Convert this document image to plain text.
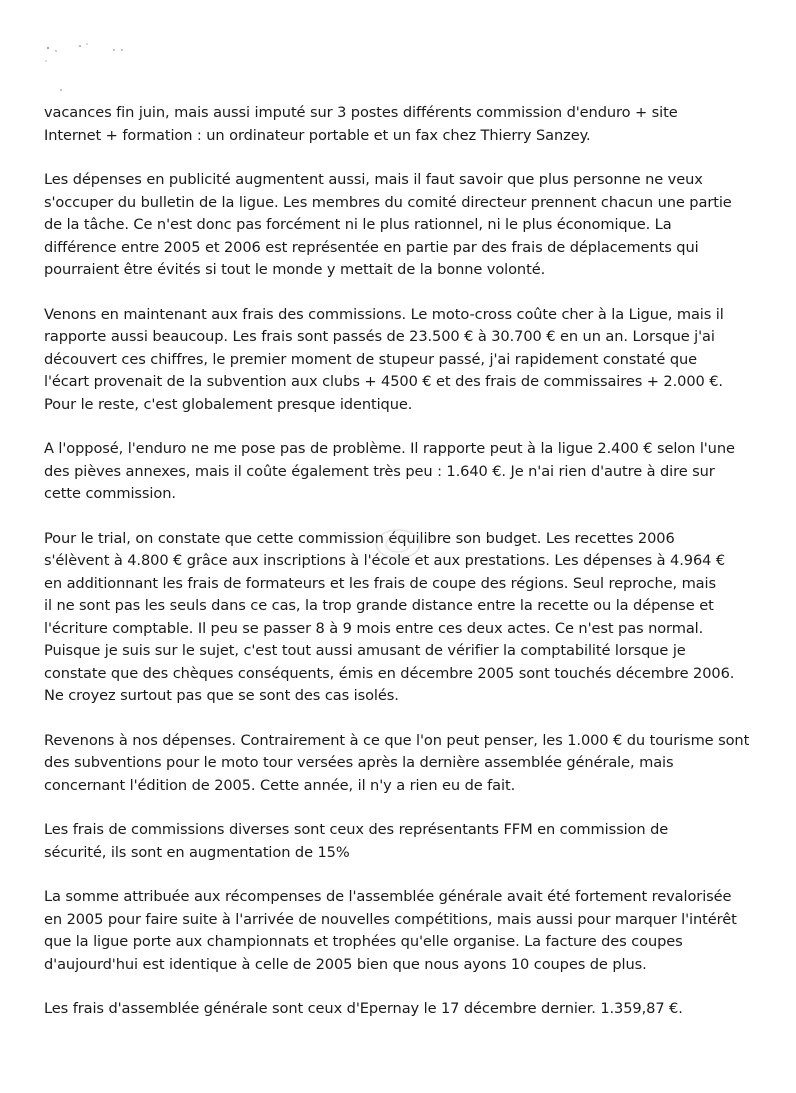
vacances fin juin, mais aussi imputé sur 3 postes différents commission d'enduro + site
Internet + formation : un ordinateur portable et un fax chez Thierry Sanzey.
Les dépenses en publicité augmentent aussi, mais il faut savoir que plus personne ne veux
s'occuper du bulletin de la ligue. Les membres du comité directeur prennent chacun une partie
de la tâche. Ce n'est donc pas forcément ni le plus rationnel, ni le plus économique. La
différence entre 2005 et 2006 est représentée en partie par des frais de déplacements qui
pourraient être évités si tout le monde y mettait de la bonne volonté.
Venons en maintenant aux frais des commissions. Le moto-cross coûte cher à la Ligue, mais il
rapporte aussi beaucoup. Les frais sont passés de 23.500 € à 30.700 € en un an. Lorsque j'ai
découvert ces chiffres, le premier moment de stupeur passé, j'ai rapidement constaté que
l'écart provenait de la subvention aux clubs + 4500 € et des frais de commissaires + 2.000 €.
Pour le reste, c'est globalement presque identique.
A l'opposé, l'enduro ne me pose pas de problème. Il rapporte peut à la ligue 2.400 € selon l'une
des pièves annexes, mais il coûte également très peu : 1.640 €. Je n'ai rien d'autre à dire sur
cette commission.
Pour le trial, on constate que cette commission équilibre son budget. Les recettes 2006
s'élèvent à 4.800 € grâce aux inscriptions à l'école et aux prestations. Les dépenses à 4.964 €
en additionnant les frais de formateurs et les frais de coupe des régions. Seul reproche, mais
il ne sont pas les seuls dans ce cas, la trop grande distance entre la recette ou la dépense et
l'écriture comptable. Il peu se passer 8 à 9 mois entre ces deux actes. Ce n'est pas normal.
Puisque je suis sur le sujet, c'est tout aussi amusant de vérifier la comptabilité lorsque je
constate que des chèques conséquents, émis en décembre 2005 sont touchés décembre 2006.
Ne croyez surtout pas que se sont des cas isolés.
Revenons à nos dépenses. Contrairement à ce que l'on peut penser, les 1.000 € du tourisme sont
des subventions pour le moto tour versées après la dernière assemblée générale, mais
concernant l'édition de 2005. Cette année, il n'y a rien eu de fait.
Les frais de commissions diverses sont ceux des représentants FFM en commission de
sécurité, ils sont en augmentation de 15%
La somme attribuée aux récompenses de l'assemblée générale avait été fortement revalorisée
en 2005 pour faire suite à l'arrivée de nouvelles compétitions, mais aussi pour marquer l'intérêt
que la ligue porte aux championnats et trophées qu'elle organise. La facture des coupes
d'aujourd'hui est identique à celle de 2005 bien que nous ayons 10 coupes de plus.
Les frais d'assemblée générale sont ceux d'Epernay le 17 décembre dernier. 1.359,87 €.
